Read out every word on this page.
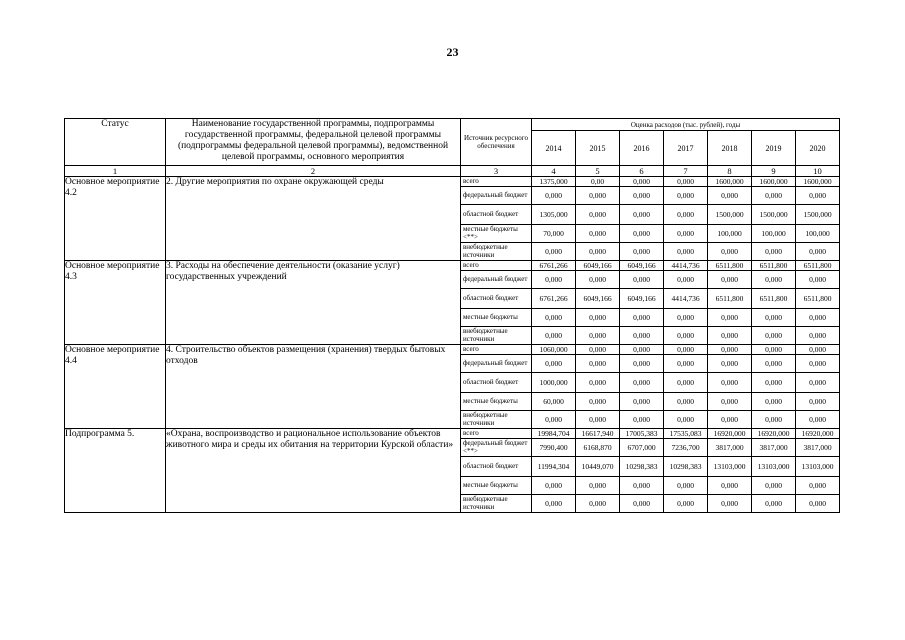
23
Статус	Наименование государственной программы, подпрограммы государственной программы, федеральной целевой программы (подпрограммы федеральной целевой программы), ведомственной целевой программы, основного мероприятия	Источник ресурсного обеспечения	Оценка расходов (тыс. рублей), годы						
			2014	2015	2016	2017	2018	2019	2020
1	2	3	4	5	6	7	8	9	10
Основное мероприятие 4.2	2. Другие мероприятия по охране окружающей среды	всего	1375,000	0,00	0,000	0,000	1600,000	1600,000	1600,000
		федеральный бюджет	0,000	0,000	0,000	0,000	0,000	0,000	0,000
		областной бюджет	1305,000	0,000	0,000	0,000	1500,000	1500,000	1500,000
		местные бюджеты <**>	70,000	0,000	0,000	0,000	100,000	100,000	100,000
		внебюджетные источники	0,000	0,000	0,000	0,000	0,000	0,000	0,000
Основное мероприятие 4.3	3. Расходы на обеспечение деятельности (оказание услуг) государственных учреждений	всего	6761,266	6049,166	6049,166	4414,736	6511,800	6511,800	6511,800
		федеральный бюджет	0,000	0,000	0,000	0,000	0,000	0,000	0,000
		областной бюджет	6761,266	6049,166	6049,166	4414,736	6511,800	6511,800	6511,800
		местные бюджеты	0,000	0,000	0,000	0,000	0,000	0,000	0,000
		внебюджетные источники	0,000	0,000	0,000	0,000	0,000	0,000	0,000
Основное мероприятие 4.4	4. Строительство объектов размещения (хранения) твердых бытовых отходов	всего	1060,000	0,000	0,000	0,000	0,000	0,000	0,000
		федеральный бюджет	0,000	0,000	0,000	0,000	0,000	0,000	0,000
		областной бюджет	1000,000	0,000	0,000	0,000	0,000	0,000	0,000
		местные бюджеты	60,000	0,000	0,000	0,000	0,000	0,000	0,000
		внебюджетные источники	0,000	0,000	0,000	0,000	0,000	0,000	0,000
Подпрограмма 5.	«Охрана, воспроизводство и рациональное использование объектов животного мира и среды их обитания на территории Курской области»	всего	19984,704	16617,940	17005,383	17535,083	16920,000	16920,000	16920,000
		федеральный бюджет <**>	7990,400	6168,870	6707,000	7236,700	3817,000	3817,000	3817,000
		областной бюджет	11994,304	10449,070	10298,383	10298,383	13103,000	13103,000	13103,000
		местные бюджеты	0,000	0,000	0,000	0,000	0,000	0,000	0,000
		внебюджетные источники	0,000	0,000	0,000	0,000	0,000	0,000	0,000
